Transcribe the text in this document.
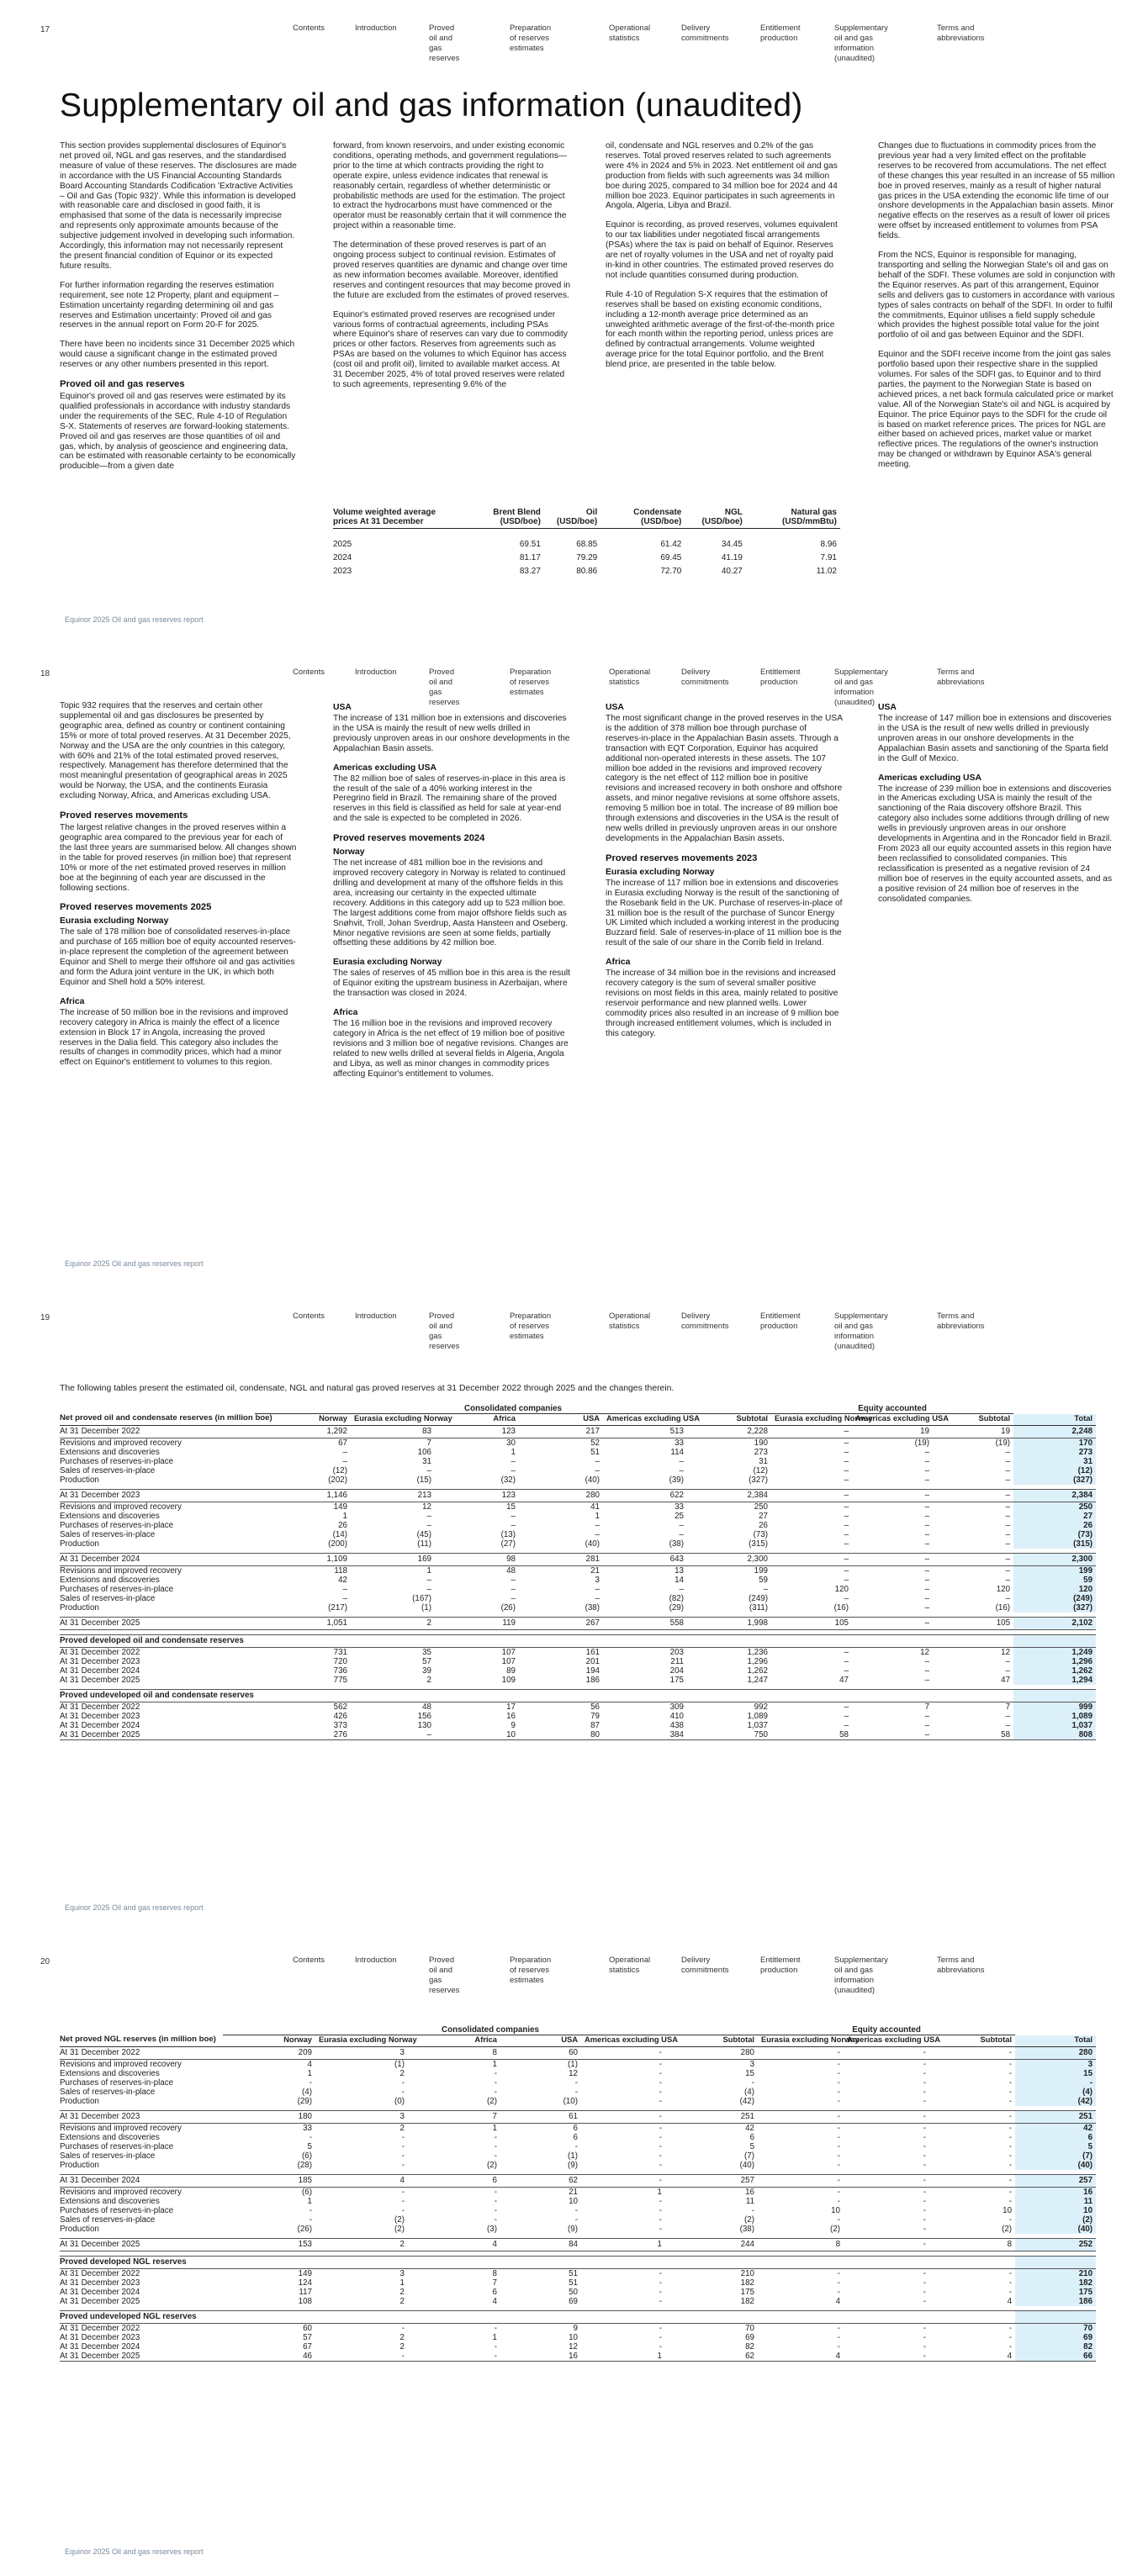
17	Contents	Introduction	Proved oil and gas reserves
Preparation of reserves estimates
Operational statistics
Delivery commitments
Entitlement production
Supplementary oil and gas information (unaudited)
Terms and abbreviations
Supplementary oil and gas information (unaudited)

This section provides supplemental disclosures of Equinor's net proved oil, NGL and gas reserves, and the standardised measure of value of these reserves. The disclosures are made in accordance with the US Financial Accounting Standards Board Accounting Standards Codification 'Extractive Activities – Oil and Gas (Topic 932)'. While this information is developed with reasonable care and disclosed in good faith, it is emphasised that some of the data is necessarily imprecise and represents only approximate amounts because of the subjective judgement involved in developing such information. Accordingly, this information may not necessarily represent the present financial condition of Equinor or its expected future results.

For further information regarding the reserves estimation requirement, see note 12 Property, plant and equipment – Estimation uncertainty regarding determining oil and gas reserves and Estimation uncertainty: Proved oil and gas reserves in the annual report on Form 20-F for 2025.

There have been no incidents since 31 December 2025 which would cause a significant change in the estimated proved reserves or any other numbers presented in this report.

Proved oil and gas reserves

Equinor's proved oil and gas reserves were estimated by its qualified professionals in accordance with industry standards under the requirements of the SEC, Rule 4-10 of Regulation S-X. Statements of reserves are forward-looking statements. Proved oil and gas reserves are those quantities of oil and gas, which, by analysis of geoscience and engineering data, can be estimated with reasonable certainty to be economically producible—from a given date

forward, from known reservoirs, and under existing economic conditions, operating methods, and government regulations—prior to the time at which contracts providing the right to operate expire, unless evidence indicates that renewal is reasonably certain, regardless of whether deterministic or probabilistic methods are used for the estimation. The project to extract the hydrocarbons must have commenced or the operator must be reasonably certain that it will commence the project within a reasonable time.

The determination of these proved reserves is part of an ongoing process subject to continual revision. Estimates of proved reserves quantities are dynamic and change over time as new information becomes available. Moreover, identified reserves and contingent resources that may become proved in the future are excluded from the estimates of proved reserves.

Equinor's estimated proved reserves are recognised under various forms of contractual agreements, including PSAs where Equinor's share of reserves can vary due to commodity prices or other factors. Reserves from agreements such as PSAs are based on the volumes to which Equinor has access (cost oil and profit oil), limited to available market access. At 31 December 2025, 4% of total proved reserves were related to such agreements, representing 9.6% of the

oil, condensate and NGL reserves and 0.2% of the gas reserves. Total proved reserves related to such agreements were 4% in 2024 and 5% in 2023. Net entitlement oil and gas production from fields with such agreements was 34 million boe during 2025, compared to 34 million boe for 2024 and 44 million boe 2023. Equinor participates in such agreements in Angola, Algeria, Libya and Brazil.

Equinor is recording, as proved reserves, volumes equivalent to our tax liabilities under negotiated fiscal arrangements (PSAs) where the tax is paid on behalf of Equinor. Reserves are net of royalty volumes in the USA and net of royalty paid in-kind in other countries. The estimated proved reserves do not include quantities consumed during production.

Rule 4-10 of Regulation S-X requires that the estimation of reserves shall be based on existing economic conditions, including a 12-month average price determined as an unweighted arithmetic average of the first-of-the-month price for each month within the reporting period, unless prices are defined by contractual arrangements. Volume weighted average price for the total Equinor portfolio, and the Brent blend price, are presented in the table below.

Changes due to fluctuations in commodity prices from the previous year had a very limited effect on the profitable reserves to be recovered from accumulations. The net effect of these changes this year resulted in an increase of 55 million boe in proved reserves, mainly as a result of higher natural gas prices in the USA extending the economic life time of our onshore developments in the Appalachian basin assets. Minor negative effects on the reserves as a result of lower oil prices were offset by increased entitlement to volumes from PSA fields.

From the NCS, Equinor is responsible for managing, transporting and selling the Norwegian State's oil and gas on behalf of the SDFI. These volumes are sold in conjunction with the Equinor reserves. As part of this arrangement, Equinor sells and delivers gas to customers in accordance with various types of sales contracts on behalf of the SDFI. In order to fulfil the commitments, Equinor utilises a field supply schedule which provides the highest possible total value for the joint portfolio of oil and gas between Equinor and the SDFI.

Equinor and the SDFI receive income from the joint gas sales portfolio based upon their respective share in the supplied volumes. For sales of the SDFI gas, to Equinor and to third parties, the payment to the Norwegian State is based on achieved prices, a net back formula calculated price or market value. All of the Norwegian State's oil and NGL is acquired by Equinor. The price Equinor pays to the SDFI for the crude oil is based on market reference prices. The prices for NGL are either based on achieved prices, market value or market reflective prices. The regulations of the owner's instruction may be changed or withdrawn by Equinor ASA's general meeting.

Volume weighted average prices At 31 December	Brent Blend (USD/boe)	Oil (USD/boe)	Condensate (USD/boe)	NGL (USD/boe)	Natural gas (USD/mmBtu)
2025	69.51	68.85	61.42	34.45	8.96
2024	81.17	79.29	69.45	41.19	7.91
2023	83.27	80.86	72.70	40.27	11.02
Equinor 2025 Oil and gas reserves report
18	Contents	Introduction	Proved oil and gas reserves
Preparation of reserves estimates
Operational statistics
Delivery commitments
Entitlement production
Supplementary oil and gas information (unaudited)
Terms and abbreviations

Topic 932 requires that the reserves and certain other supplemental oil and gas disclosures be presented by geographic area, defined as country or continent containing 15% or more of total proved reserves. At 31 December 2025, Norway and the USA are the only countries in this category, with 60% and 21% of the total estimated proved reserves, respectively. Management has therefore determined that the most meaningful presentation of geographical areas in 2025 would be Norway, the USA, and the continents Eurasia excluding Norway, Africa, and Americas excluding USA.

Proved reserves movements

The largest relative changes in the proved reserves within a geographic area compared to the previous year for each of the last three years are summarised below. All changes shown in the table for proved reserves (in million boe) that represent 10% or more of the net estimated proved reserves in million boe at the beginning of each year are discussed in the following sections.

Proved reserves movements 2025
Eurasia excluding Norway

The sale of 178 million boe of consolidated reserves-in-place and purchase of 165 million boe of equity accounted reserves-in-place represent the completion of the agreement between Equinor and Shell to merge their offshore oil and gas activities and form the Adura joint venture in the UK, in which both Equinor and Shell hold a 50% interest.

Africa

The increase of 50 million boe in the revisions and improved recovery category in Africa is mainly the effect of a licence extension in Block 17 in Angola, increasing the proved reserves in the Dalia field. This category also includes the results of changes in commodity prices, which had a minor effect on Equinor's entitlement to volumes to this region.

USA

The increase of 131 million boe in extensions and discoveries in the USA is mainly the result of new wells drilled in previously unproven areas in our onshore developments in the Appalachian Basin assets.

Americas excluding USA

The 82 million boe of sales of reserves-in-place in this area is the result of the sale of a 40% working interest in the Peregrino field in Brazil. The remaining share of the proved reserves in this field is classified as held for sale at year-end and the sale is expected to be completed in 2026.

Proved reserves movements 2024
Norway

The net increase of 481 million boe in the revisions and improved recovery category in Norway is related to continued drilling and development at many of the offshore fields in this area, increasing our certainty in the expected ultimate recovery. Additions in this category add up to 523 million boe. The largest additions come from major offshore fields such as Snøhvit, Troll, Johan Sverdrup, Aasta Hansteen and Oseberg. Minor negative revisions are seen at some fields, partially offsetting these additions by 42 million boe.

Eurasia excluding Norway

The sales of reserves of 45 million boe in this area is the result of Equinor exiting the upstream business in Azerbaijan, where the transaction was closed in 2024.

Africa

The 16 million boe in the revisions and improved recovery category in Africa is the net effect of 19 million boe of positive revisions and 3 million boe of negative revisions. Changes are related to new wells drilled at several fields in Algeria, Angola and Libya, as well as minor changes in commodity prices affecting Equinor's entitlement to volumes.

USA

The most significant change in the proved reserves in the USA is the addition of 378 million boe through purchase of reserves-in-place in the Appalachian Basin assets. Through a transaction with EQT Corporation, Equinor has acquired additional non-operated interests in these assets. The 107 million boe added in the revisions and improved recovery category is the net effect of 112 million boe in positive revisions and increased recovery in both onshore and offshore assets, and minor negative revisions at some offshore assets, removing 5 million boe in total. The increase of 89 million boe through extensions and discoveries in the USA is the result of new wells drilled in previously unproven areas in our onshore developments in the Appalachian Basin assets.

Proved reserves movements 2023
Eurasia excluding Norway

The increase of 117 million boe in extensions and discoveries in Eurasia excluding Norway is the result of the sanctioning of the Rosebank field in the UK. Purchase of reserves-in-place of 31 million boe is the result of the purchase of Suncor Energy UK Limited which included a working interest in the producing Buzzard field. Sale of reserves-in-place of 11 million boe is the result of the sale of our share in the Corrib field in Ireland.

Africa

The increase of 34 million boe in the revisions and increased recovery category is the sum of several smaller positive revisions on most fields in this area, mainly related to positive reservoir performance and new planned wells. Lower commodity prices also resulted in an increase of 9 million boe through increased entitlement volumes, which is included in this category.

USA

The increase of 147 million boe in extensions and discoveries in the USA is the result of new wells drilled in previously unproven areas in our onshore developments in the Appalachian Basin assets and sanctioning of the Sparta field in the Gulf of Mexico.

Americas excluding USA

The increase of 239 million boe in extensions and discoveries in the Americas excluding USA is mainly the result of the sanctioning of the Raia discovery offshore Brazil. This category also includes some additions through drilling of new wells in previously unproven areas in our onshore developments in Argentina and in the Roncador field in Brazil. From 2023 all our equity accounted assets in this region have been reclassified to consolidated companies. This reclassification is presented as a negative revision of 24 million boe of reserves in the equity accounted assets, and as a positive revision of 24 million boe of reserves in the consolidated companies.

Equinor 2025 Oil and gas reserves report
19	Contents	Introduction	Proved oil and gas reserves
Preparation of reserves estimates
Operational statistics
Delivery commitments
Entitlement production
Supplementary oil and gas information (unaudited)
Terms and abbreviations
Equinor 2025 Oil and gas reserves report
The following tables present the estimated oil, condensate, NGL and natural gas proved reserves at 31 December 2022 through 2025 and the changes therein.
	Consolidated companies						Equity accounted			
Net proved oil and condensate reserves (in million boe)	Norway	Eurasia excluding Norway	Africa	USA	Americas excluding USA	Subtotal	Eurasia excluding Norway	Americas excluding USA	Subtotal	Total
At 31 December 2022	1,292	83	123	217	513	2,228	–	19	19	2,248
Revisions and improved recovery	67	7	30	52	33	190	–	(19)	(19)	170
Extensions and discoveries	–	106	1	51	114	273	–	–	–	273
Purchases of reserves-in-place	–	31	–	–	–	31	–	–	–	31
Sales of reserves-in-place	(12)	–	–	–	–	(12)	–	–	–	(12)
Production	(202)	(15)	(32)	(40)	(39)	(327)	–	–	–	(327)

At 31 December 2023	1,146	213	123	280	622	2,384	–	–	–	2,384
Revisions and improved recovery	149	12	15	41	33	250	–	–	–	250
Extensions and discoveries	1	–	–	1	25	27	–	–	–	27
Purchases of reserves-in-place	26	–	–	–	–	26	–	–	–	26
Sales of reserves-in-place	(14)	(45)	(13)	–	–	(73)	–	–	–	(73)
Production	(200)	(11)	(27)	(40)	(38)	(315)	–	–	–	(315)

At 31 December 2024	1,109	169	98	281	643	2,300	–	–	–	2,300
Revisions and improved recovery	118	1	48	21	13	199	–	–	–	199
Extensions and discoveries	42	–	–	3	14	59	–	–	–	59
Purchases of reserves-in-place	–	–	–	–	–	–	120	–	120	120
Sales of reserves-in-place	–	(167)	–	–	(82)	(249)	–	–	–	(249)
Production	(217)	(1)	(26)	(38)	(29)	(311)	(16)	–	(16)	(327)

At 31 December 2025	1,051	2	119	267	558	1,998	105	–	105	2,102

Proved developed oil and condensate reserves										
At 31 December 2022	731	35	107	161	203	1,236	–	12	12	1,249
At 31 December 2023	720	57	107	201	211	1,296	–	–	–	1,296
At 31 December 2024	736	39	89	194	204	1,262	–	–	–	1,262
At 31 December 2025	775	2	109	186	175	1,247	47	–	47	1,294

Proved undeveloped oil and condensate reserves										
At 31 December 2022	562	48	17	56	309	992	–	7	7	999
At 31 December 2023	426	156	16	79	410	1,089	–	–	–	1,089
At 31 December 2024	373	130	9	87	438	1,037	–	–	–	1,037
At 31 December 2025	276	–	10	80	384	750	58	–	58	808
20	Contents	Introduction	Proved oil and gas reserves
Preparation of reserves estimates
Operational statistics
Delivery commitments
Entitlement production
Supplementary oil and gas information (unaudited)
Terms and abbreviations
Equinor 2025 Oil and gas reserves report
	Consolidated companies						Equity accounted			
Net proved NGL reserves (in million boe)	Norway	Eurasia excluding Norway	Africa	USA	Americas excluding USA	Subtotal	Eurasia excluding Norway	Americas excluding USA	Subtotal	Total
At 31 December 2022	209	3	8	60	-	280	-	-	-	280
Revisions and improved recovery	4	(1)	1	(1)	-	3	-	-	-	3
Extensions and discoveries	1	2	-	12	-	15	-	-	-	15
Purchases of reserves-in-place	-	-	-	-	-	-	-	-	-	-
Sales of reserves-in-place	(4)	-	-	-	-	(4)	-	-	-	(4)
Production	(29)	(0)	(2)	(10)	-	(42)	-	-	-	(42)

At 31 December 2023	180	3	7	61	-	251	-	-	-	251
Revisions and improved recovery	33	2	1	6	-	42	-	-	-	42
Extensions and discoveries	-	-	-	6	-	6	-	-	-	6
Purchases of reserves-in-place	5	-	-	-	-	5	-	-	-	5
Sales of reserves-in-place	(6)	-	-	(1)	-	(7)	-	-	-	(7)
Production	(28)	-	(2)	(9)	-	(40)	-	-	-	(40)

At 31 December 2024	185	4	6	62	-	257	-	-	-	257
Revisions and improved recovery	(6)	-	-	21	1	16	-	-	-	16
Extensions and discoveries	1	-	-	10	-	11	-	-	-	11
Purchases of reserves-in-place	-	-	-	-	-	-	10	-	10	10
Sales of reserves-in-place	-	(2)	-	-	-	(2)	-	-	-	(2)
Production	(26)	(2)	(3)	(9)	-	(38)	(2)	-	(2)	(40)

At 31 December 2025	153	2	4	84	1	244	8	-	8	252

Proved developed NGL reserves										
At 31 December 2022	149	3	8	51	-	210	-	-	-	210
At 31 December 2023	124	1	7	51	-	182	-	-	-	182
At 31 December 2024	117	2	6	50	-	175	-	-	-	175
At 31 December 2025	108	2	4	69	-	182	4	-	4	186

Proved undeveloped NGL reserves										
At 31 December 2022	60	-	-	9	-	70	-	-	-	70
At 31 December 2023	57	2	1	10	-	69	-	-	-	69
At 31 December 2024	67	2	-	12	-	82	-	-	-	82
At 31 December 2025	46	-	-	16	1	62	4	-	4	66
